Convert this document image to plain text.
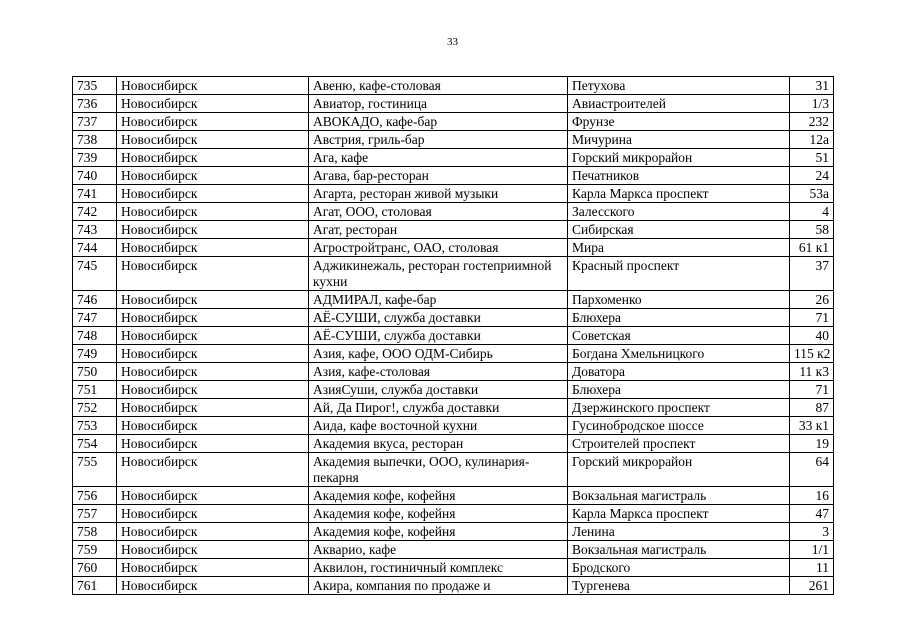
33
735	Новосибирск	Авеню, кафе-столовая	Петухова	31
736	Новосибирск	Авиатор, гостиница	Авиастроителей	1/3
737	Новосибирск	АВОКАДО, кафе-бар	Фрунзе	232
738	Новосибирск	Австрия, гриль-бар	Мичурина	12а
739	Новосибирск	Ага, кафе	Горский микрорайон	51
740	Новосибирск	Агава, бар-ресторан	Печатников	24
741	Новосибирск	Агарта, ресторан живой музыки	Карла Маркса проспект	53а
742	Новосибирск	Агат, ООО, столовая	Залесского	4
743	Новосибирск	Агат, ресторан	Сибирская	58
744	Новосибирск	Агростройтранс, ОАО, столовая	Мира	61 к1
745	Новосибирск	Аджикинежаль, ресторан гостеприимной кухни	Красный проспект	37
746	Новосибирск	АДМИРАЛ, кафе-бар	Пархоменко	26
747	Новосибирск	АЁ-СУШИ, служба доставки	Блюхера	71
748	Новосибирск	АЁ-СУШИ, служба доставки	Советская	40
749	Новосибирск	Азия, кафе, ООО ОДМ-Сибирь	Богдана Хмельницкого	115 к2
750	Новосибирск	Азия, кафе-столовая	Доватора	11 к3
751	Новосибирск	АзияСуши, служба доставки	Блюхера	71
752	Новосибирск	Ай, Да Пирог!, служба доставки	Дзержинского проспект	87
753	Новосибирск	Аида, кафе восточной кухни	Гусинобродское шоссе	33 к1
754	Новосибирск	Академия вкуса, ресторан	Строителей проспект	19
755	Новосибирск	Академия выпечки, ООО, кулинария-пекарня	Горский микрорайон	64
756	Новосибирск	Академия кофе, кофейня	Вокзальная магистраль	16
757	Новосибирск	Академия кофе, кофейня	Карла Маркса проспект	47
758	Новосибирск	Академия кофе, кофейня	Ленина	3
759	Новосибирск	Акварио, кафе	Вокзальная магистраль	1/1
760	Новосибирск	Аквилон, гостиничный комплекс	Бродского	11
761	Новосибирск	Акира, компания по продаже и	Тургенева	261
